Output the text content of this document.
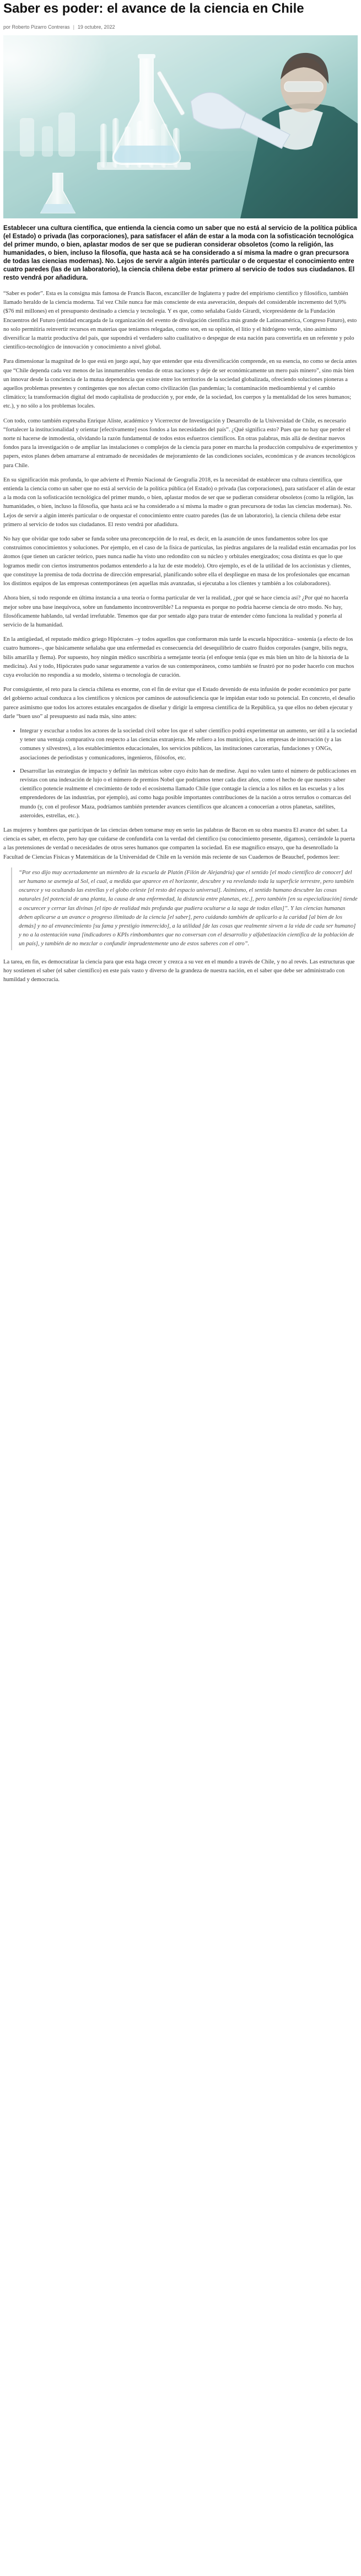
Saber es poder: el avance de la ciencia en Chile
por Roberto Pizarro Contreras | 19 octubre, 2022
Establecer una cultura científica, que entienda la ciencia como un saber que no está al servicio de la política pública (el Estado) o privada (las corporaciones), para satisfacer el afán de estar a la moda con la sofisticación tecnológica del primer mundo, o bien, aplastar modos de ser que se pudieran considerar obsoletos (como la religión, las humanidades, o bien, incluso la filosofía, que hasta acá se ha considerado a sí misma la madre o gran precursora de todas las ciencias modernas). No. Lejos de servir a algún interés particular o de orquestar el conocimiento entre cuatro paredes (las de un laboratorio), la ciencia chilena debe estar primero al servicio de todos sus ciudadanos. El resto vendrá por añadidura.

“Saber es poder”. Esta es la consigna más famosa de Francis Bacon, excanciller de Inglaterra y padre del empirismo científico y filosófico, también llamado heraldo de la ciencia moderna. Tal vez Chile nunca fue más consciente de esta aseveración, después del considerable incremento del 9,0% ($76 mil millones) en el presupuesto destinado a ciencia y tecnología. Y es que, como señalaba Guido Girardi, vicepresidente de la Fundación Encuentros del Futuro (entidad encargada de la organización del evento de divulgación científica más grande de Latinoamérica, Congreso Futuro), esto no solo permitiría reinvertir recursos en materias que teníamos relegadas, como son, en su opinión, el litio y el hidrógeno verde, sino asimismo diversificar la matriz productiva del país, que supondrá el verdadero salto cualitativo o despegue de esta nación para convertirla en un referente y polo científico-tecnológico de innovación y conocimiento a nivel global.

Para dimensionar la magnitud de lo que está en juego aquí, hay que entender que esta diversificación comprende, en su esencia, no como se decía antes que “Chile dependa cada vez menos de las innumerables vendas de otras naciones y deje de ser económicamente un mero país minero”, sino más bien un innovar desde la conciencia de la mutua dependencia que existe entre los territorios de la sociedad globalizada, ofreciendo soluciones pioneras a aquellos problemas presentes y contingentes que nos afectan como civilización (las pandemias; la contaminación medioambiental y el cambio climático; la transformación digital del modo capitalista de producción y, por ende, de la sociedad, los cuerpos y la mentalidad de los seres humanos; etc.), y no sólo a los problemas locales.

Con todo, como también expresaba Enrique Aliste, académico y Vicerrector de Investigación y Desarrollo de la Universidad de Chile, es necesario “fortalecer la institucionalidad y orientar [efectivamente] esos fondos a las necesidades del país”. ¿Qué significa esto? Pues que no hay que perder el norte ni hacerse de inmodestia, olvidando la razón fundamental de todos estos esfuerzos científicos. En otras palabras, más allá de destinar nuevos fondos para la investigación o de ampliar las instalaciones o complejos de la ciencia para poner en marcha la producción compulsiva de experimentos y papers, estos planes deben amarrarse al entramado de necesidades de mejoramiento de las condiciones sociales, económicas y de avances tecnológicos para Chile.

En su significación más profunda, lo que advierte el Premio Nacional de Geografía 2018, es la necesidad de establecer una cultura científica, que entienda la ciencia como un saber que no está al servicio de la política pública (el Estado) o privada (las corporaciones), para satisfacer el afán de estar a la moda con la sofisticación tecnológica del primer mundo, o bien, aplastar modos de ser que se pudieran considerar obsoletos (como la religión, las humanidades, o bien, incluso la filosofía, que hasta acá se ha considerado a sí misma la madre o gran precursora de todas las ciencias modernas). No. Lejos de servir a algún interés particular o de orquestar el conocimiento entre cuatro paredes (las de un laboratorio), la ciencia chilena debe estar primero al servicio de todos sus ciudadanos. El resto vendrá por añadidura.

No hay que olvidar que todo saber se funda sobre una preconcepción de lo real, es decir, en la asunción de unos fundamentos sobre los que construimos conocimientos y soluciones. Por ejemplo, en el caso de la física de partículas, las piedras angulares de la realidad están encarnadas por los átomos (que tienen un carácter teórico, pues nunca nadie ha visto uno redondito con su núcleo y orbitales energizados; cosa distinta es que lo que logramos medir con ciertos instrumentos podamos entenderlo a la luz de este modelo). Otro ejemplo, es el de la utilidad de los accionistas y clientes, que constituye la premisa de toda doctrina de dirección empresarial, planificando sobre ella el despliegue en masa de los profesionales que encarnan los distintos equipos de las empresas contemporáneas (en aquellas más avanzadas, si ejecutaba a los clientes y también a los colaboradores).

Ahora bien, si todo responde en última instancia a una teoría o forma particular de ver la realidad, ¿por qué se hace ciencia así? ¿Por qué no hacerla mejor sobre una base inequívoca, sobre un fundamento incontrovertible? La respuesta es porque no podría hacerse ciencia de otro modo. No hay, filosóficamente hablando, tal verdad irrefutable. Tenemos que dar por sentado algo para tratar de entender cómo funciona la realidad y ponerla al servicio de la humanidad.

En la antigüedad, el reputado médico griego Hipócrates –y todos aquellos que conformaron más tarde la escuela hipocrática– sostenía (a efecto de los cuatro humores–, que básicamente señalaba que una enfermedad es consecuencia del desequilibrio de cuatro fluidos corporales (sangre, bilis negra, bilis amarilla y flema). Por supuesto, hoy ningún médico suscribiría a semejante teoría (el enfoque tenía (que es más bien un hito de la historia de la medicina). Así y todo, Hipócrates pudo sanar seguramente a varios de sus contemporáneos, como también se frustró por no poder hacerlo con muchos cuya evolución no respondía a su modelo, sistema o tecnología de curación.

Por consiguiente, el reto para la ciencia chilena es enorme, con el fin de evitar que el Estado devenido de esta infusión de poder económico por parte del gobierno actual conduzca a los científicos y técnicos por caminos de autosuficiencia que le impidan estar todo su potencial. En concreto, el desafío parece asimismo que todos los actores estatales encargados de diseñar y dirigir la empresa científica de la República, ya que ellos no deben ejecutar y darle “buen uso” al presupuesto así nada más, sino antes:

• Integrar y escuchar a todos los actores de la sociedad civil sobre los que el saber científico podrá experimentar un aumento, ser útil a la sociedad y tener una ventaja comparativa con respecto a las ciencias extranjeras. Me refiero a los municipios, a las empresas de innovación (y a las comunes y silvestres), a los establecimientos educacionales, los servicios públicos, las instituciones carcerarias, fundaciones y ONGs, asociaciones de periodistas y comunicadores, ingenieros, filósofos, etc.
• Desarrollar las estrategias de impacto y definir las métricas sobre cuyo éxito han de medirse. Aquí no valen tanto el número de publicaciones en revistas con una indexación de lujo o el número de premios Nobel que podríamos tener cada diez años, como el hecho de que nuestro saber científico potencie realmente el crecimiento de todo el ecosistema llamado Chile (que contagie la ciencia a los niños en las escuelas y a los emprendedores de las industrias, por ejemplo), así como haga posible importantes contribuciones de la nación a otros terruños o comarcas del mundo (y, con el profesor Maza, podríamos también pretender avances científicos que alcancen a conocerían a otros planetas, satélites, asteroides, estrellas, etc.).

Las mujeres y hombres que participan de las ciencias deben tomarse muy en serio las palabras de Bacon en su obra maestra El avance del saber. La ciencia es saber, en efecto, pero hay que cuidarse de confundirla con la verdad del científico (su conocimiento presente, digamos), cerrándole la puerta a las pretensiones de verdad o necesidades de otros seres humanos que comparten la sociedad. En ese magnífico ensayo, que ha desenrollado la Facultad de Ciencias Físicas y Matemáticas de la Universidad de Chile en la versión más reciente de sus Cuadernos de Beauchef, podemos leer:

“Por eso dijo muy acertadamente un miembro de la escuela de Platón (Filón de Alejandría) que el sentido [el modo científico de conocer] del ser humano se asemeja al Sol, el cual, a medida que aparece en el horizonte, descubre y va revelando toda la superficie terrestre, pero también oscurece y va ocultando las estrellas y el globo celeste [el resto del espacio universal]. Asimismo, el sentido humano descubre las cosas naturales [el potencial de una planta, la causa de una enfermedad, la distancia entre planetas, etc.], pero también [en su especialización] tiende a oscurecer y cerrar las divinas [el tipo de realidad más profunda que pudiera ocultarse a la saga de todas ellas]”. Y las ciencias humanas deben aplicarse a un avance o progreso ilimitado de la ciencia [el saber], pero cuidando también de aplicarlo a la caridad [al bien de los demás] y no al envanecimiento [su fama y prestigio inmerecido], a la utilidad [de las cosas que realmente sirven a la vida de cada ser humano] y no a la ostentación vana [indicadores o KPIs rimbombantes que no conversan con el desarrollo y alfabetización científica de la población de un país], y también de no mezclar o confundir imprudentemente uno de estos saberes con el otro”.

La tarea, en fin, es democratizar la ciencia para que esta haga crecer y crezca a su vez en el mundo a través de Chile, y no al revés. Las estructuras que hoy sostienen el saber (el saber científico) en este país vasto y diverso de la grandeza de nuestra nación, en el saber que debe ser administrado con humildad y democracia.
